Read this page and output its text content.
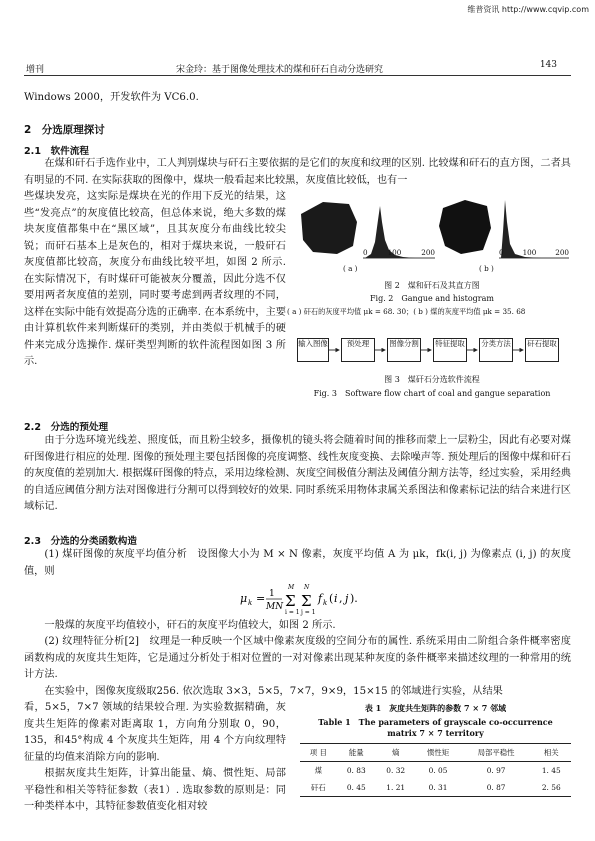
维普资讯 http://www.cqvip.com
增刊	宋金玲：基于图像处理技术的煤和矸石自动分选研究	143
Windows 2000，开发软件为 VC6.0.
2　分选原理探讨
2.1　软件流程
在煤和矸石手选作业中，工人判别煤块与矸石主要依据的是它们的灰度和纹理的区别. 比较煤和矸石的直方图，二者具有明显的不同. 在实际获取的图像中，煤块一般看起来比较黑，灰度值比较低，也有一
些煤块发亮，这实际是煤块在光的作用下反光的结果，这些“发亮点”的灰度值比较高，但总体来说，绝大多数的煤块灰度值都集中在“黑区域”，且其灰度分布曲线比较尖锐；而矸石基本上是灰色的，相对于煤块来说，一般矸石灰度值都比较高，灰度分布曲线比较平坦，如图 2 所示. 在实际情况下，有时煤矸可能被灰分覆盖，因此分选不仅要用两者灰度值的差别，同时要考虑到两者纹理的不同，这样在实际中能有效提高分选的正确率. 在本系统中，主要由计算机软件来判断煤矸的类别，并由类似于机械手的硬件来完成分选操作. 煤矸类型判断的软件流程图如图 3 所示.
0	100	200	0	100	200
( a )	( b )
图 2　煤和矸石及其直方图
Fig. 2　Gangue and histogram
( a ) 矸石的灰度平均值 μk = 68. 30；( b ) 煤的灰度平均值 μk = 35. 68
输入图像	预处理	图像分割 特征提取 分类方法 矸石提取
图 3　煤矸石分选软件流程
Fig. 3　Software flow chart of coal and gangue separation
2.2　分选的预处理
由于分选环境光线差、照度低，而且粉尘较多，摄像机的镜头将会随着时间的推移而蒙上一层粉尘，因此有必要对煤矸图像进行相应的处理. 图像的预处理主要包括图像的亮度调整、线性灰度变换、去除噪声等. 预处理后的图像中煤和矸石的灰度值的差别加大. 根据煤矸图像的特点，采用边缘检测、灰度空间极值分割法及阈值分割方法等，经过实验，采用经典的自适应阈值分割方法对图像进行分割可以得到较好的效果. 同时系统采用物体隶属关系图法和像素标记法的结合来进行区域标记.
2.3　分选的分类函数构造
(1) 煤矸图像的灰度平均值分析　设图像大小为 M × N 像素，灰度平均值 A 为 μk，fk(i, j) 为像素点 (i, j) 的灰度值，则
μ k = 1
MN Σ
M
i = 1
Σ
N
j = 1
f k ( i , j ).
一般煤的灰度平均值较小，矸石的灰度平均值较大，如图 2 所示.
(2) 纹理特征分析[2]　纹理是一种反映一个区域中像素灰度级的空间分布的属性. 系统采用由二阶组合条件概率密度函数构成的灰度共生矩阵，它是通过分析处于相对位置的一对对像素出现某种灰度的条件概率来描述纹理的一种常用的统计方法.
在实验中，图像灰度级取256. 依次选取 3×3，5×5，7×7，9×9，15×15 的邻域进行实验，从结果
看，5×5，7×7 领域的结果较合理. 为实验数据精确，灰度共生矩阵的像素对距离取 1，方向角分别取 0，90，135，和45°构成 4 个灰度共生矩阵，用 4 个方向纹理特征量的均值来消除方向的影响.
根据灰度共生矩阵，计算出能量、熵、惯性矩、局部平稳性和相关等特征参数（表1）. 选取参数的原则是：同一种类样本中，其特征参数值变化相对较
表 1　灰度共生矩阵的参数 7 × 7 邻域
Table 1　The parameters of grayscale co-occurrence matrix 7 × 7 territory
项 目	能量	熵	惯性矩	局部平稳性	相关
煤	0. 83	0. 32	0. 05	0. 97	1. 45
矸石	0. 45	1. 21	0. 31	0. 87	2. 56
